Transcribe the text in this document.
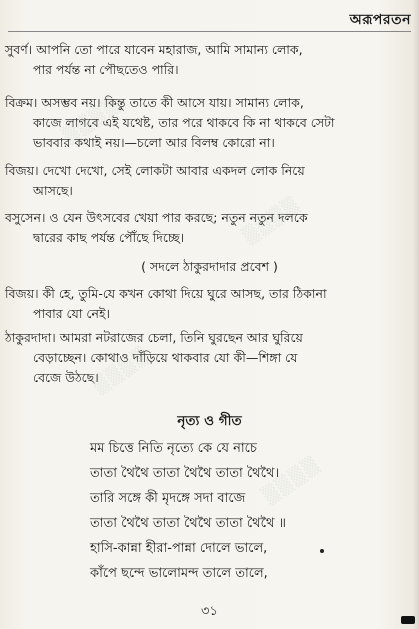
▒▒▒▒
▒▒▒▒
▒▒▒▒
▒▒▒▒
অরূপরতন
সুবর্ণ। আপনি তো পারে যাবেন মহারাজ, আমি সামান্য লোক,
পার পর্যন্ত না পৌছতেও পারি।
বিক্রম। অসম্ভব নয়। কিন্তু তাতে কী আসে যায়। সামান্য লোক,
কাজে লাগবে এই যথেষ্ট, তার পরে থাকবে কি না থাকবে সেটা
ভাববার কথাই নয়।—চলো আর বিলম্ব কোরো না।
বিজয়। দেখো দেখো, সেই লোকটা আবার একদল লোক নিয়ে
আসছে।
বসুসেন। ও যেন উৎসবের খেয়া পার করছে; নতুন নতুন দলকে
দ্বারের কাছ পর্যন্ত পৌঁছে দিচ্ছে।
( সদলে ঠাকুরদাদার প্রবেশ )
বিজয়। কী হে, তুমি-যে কখন কোথা দিয়ে ঘুরে আসছ, তার ঠিকানা
পাবার যো নেই।
ঠাকুরদাদা। আমরা নটরাজের চেলা, তিনি ঘুরছেন আর ঘুরিয়ে
বেড়াচ্ছেন। কোথাও দাঁড়িয়ে থাকবার যো কী—শিঙ্গা যে
বেজে উঠছে।
নৃত্য ও গীত
মম চিত্তে নিতি নৃত্যে কে যে নাচে
তাতা থৈথৈ তাতা থৈথৈ তাতা থৈথৈ।
তারি সঙ্গে কী মৃদঙ্গে সদা বাজে
তাতা থৈথৈ তাতা থৈথৈ তাতা থৈথৈ ॥
হাসি-কান্না হীরা-পান্না দোলে ভালে,
কাঁপে ছন্দে ভালোমন্দ তালে তালে,
৩১
